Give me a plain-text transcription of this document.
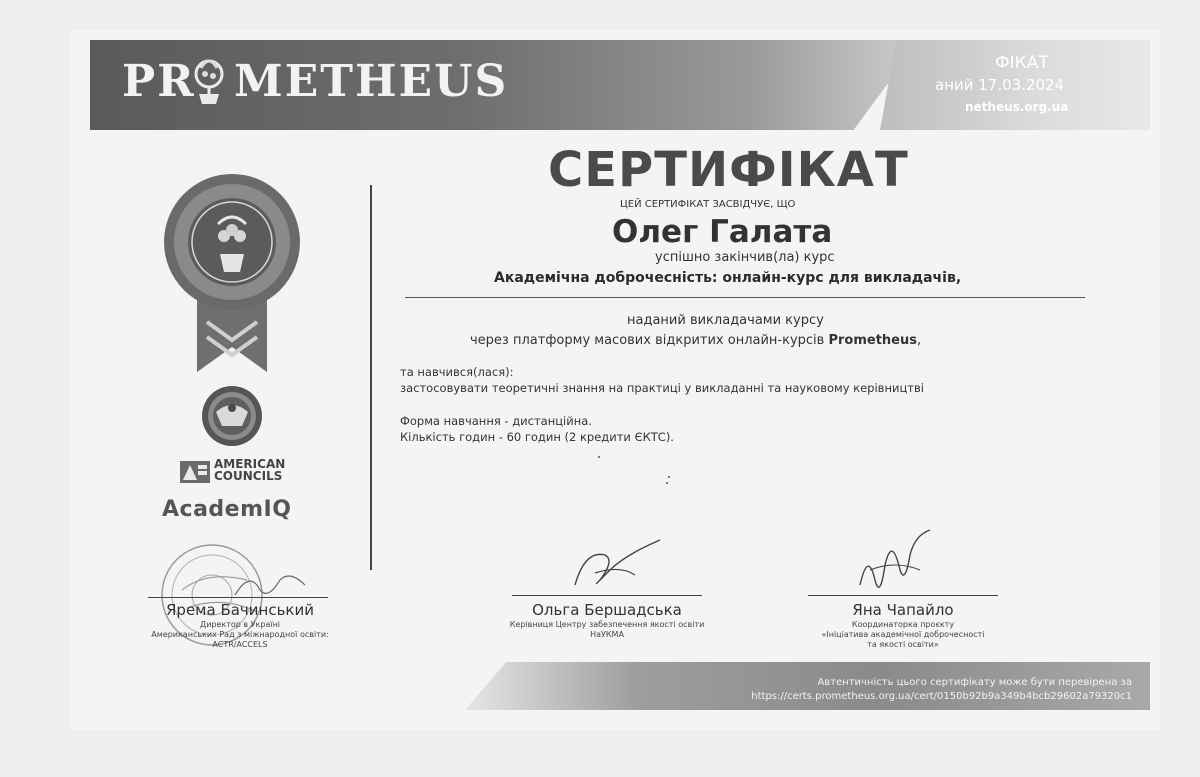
PR METHEUS	ФІКАТ
аний 17.03.2024
netheus.org.ua
AMERICAN COUNCILS
AcademIQ
СЕРТИФІКАТ
ЦЕЙ СЕРТИФІКАТ ЗАСВІДЧУЄ, ЩО
Олег Галата
успішно закінчив(ла) курс
Академічна доброчесність: онлайн-курс для викладачів,
наданий викладачами курсу
через платформу масових відкритих онлайн-курсів Prometheus,
та навчився(лася):
застосовувати теоретичні знання на практиці у викладанні та науковому керівництві
Форма навчання - дистанційна.
Кількість годин - 60 годин (2 кредити ЄКТС).
Ярема Бачинський
Директор в Україні
Американських Рад з міжнародної освіти:
ACTR/ACCELS
Ольга Бершадська
Керівниця Центру забезпечення якості освіти
НаУКМА
Яна Чапайло
Координаторка проєкту
«Ініціатива академічної доброчесності
та якості освіти»
Автентичність цього сертифікату може бути перевірена за
https://certs.prometheus.org.ua/cert/0150b92b9a349b4bcb29602a79320c1
